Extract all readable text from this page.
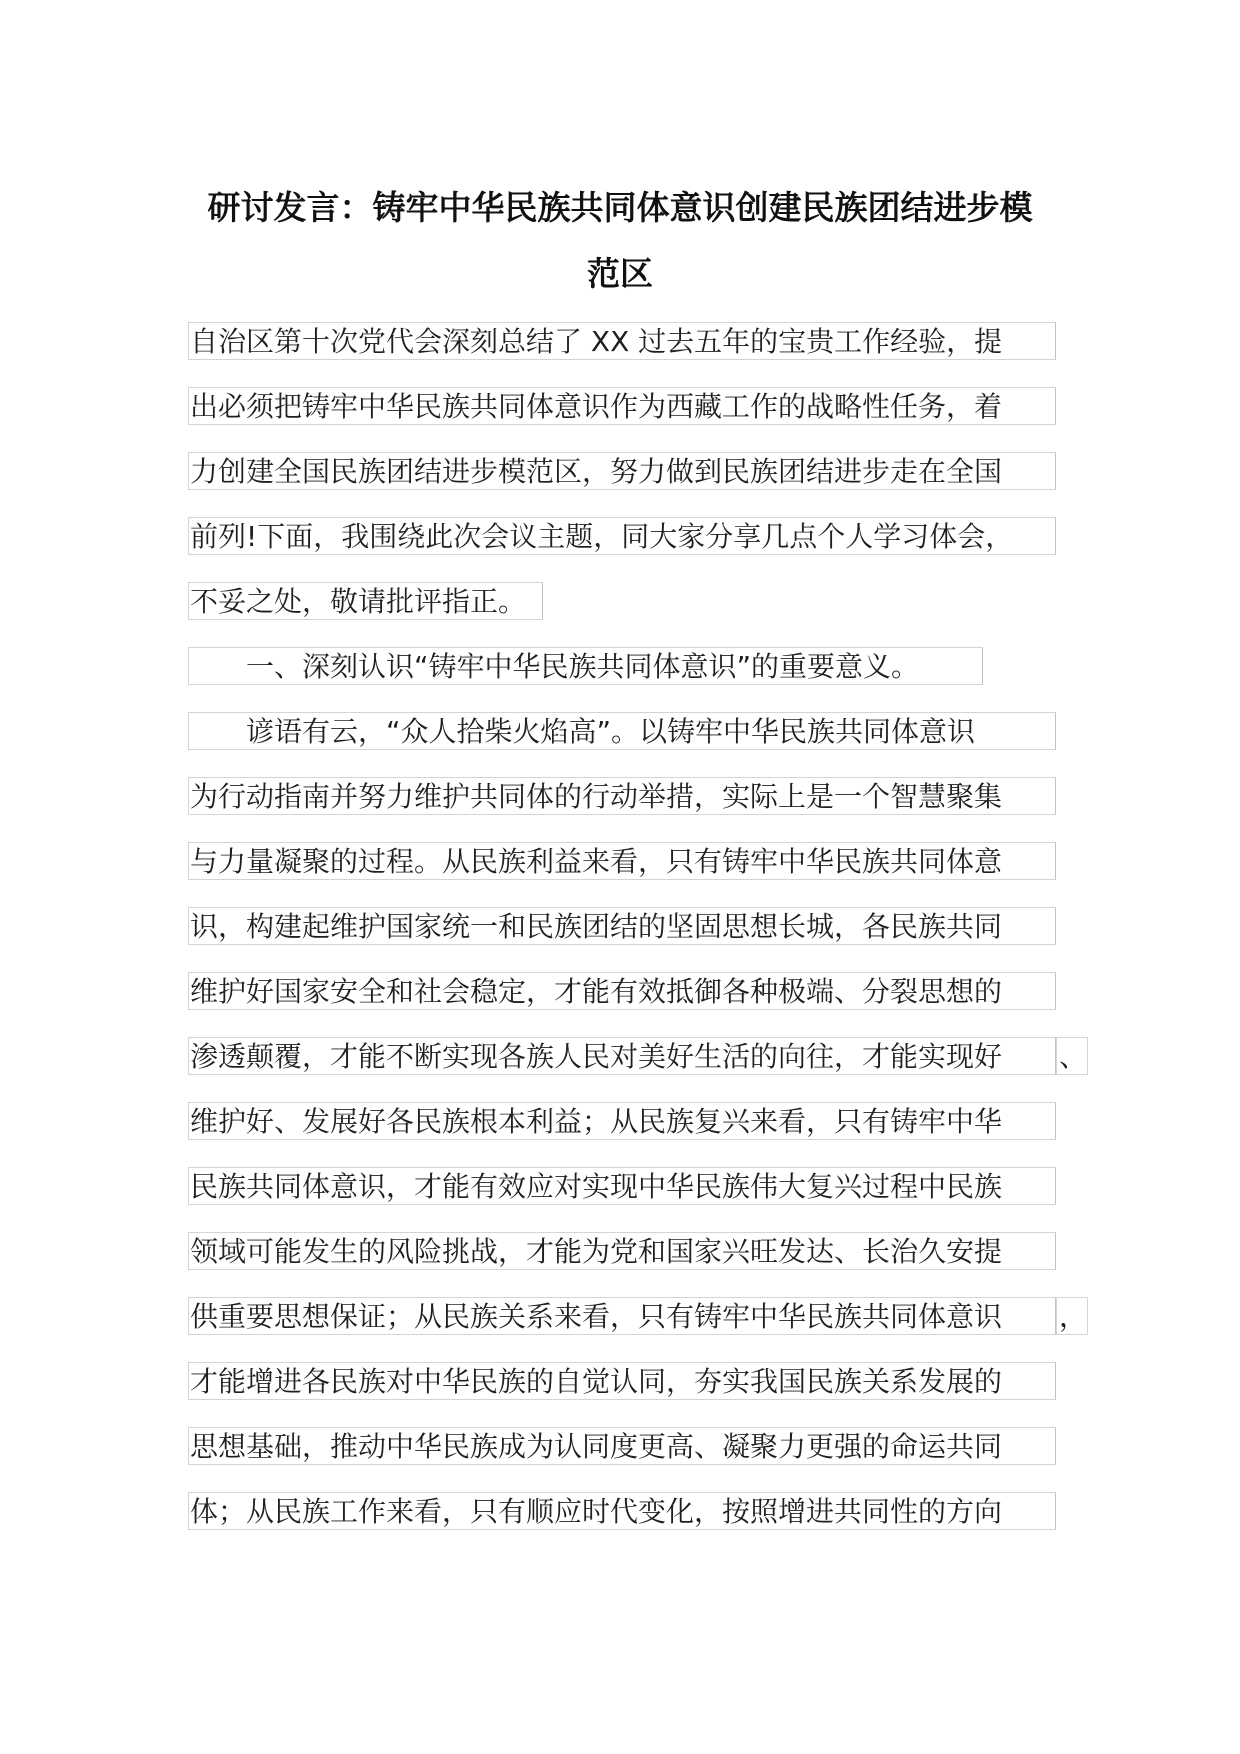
研讨发言：铸牢中华民族共同体意识创建民族团结进步模
范区
自治区第十次党代会深刻总结了 XX 过去五年的宝贵工作经验，提
出必须把铸牢中华民族共同体意识作为西藏工作的战略性任务，着
力创建全国民族团结进步模范区，努力做到民族团结进步走在全国
前列!下面，我围绕此次会议主题，同大家分享几点个人学习体会，
不妥之处，敬请批评指正。
一、深刻认识“铸牢中华民族共同体意识”的重要意义。
谚语有云，“众人拾柴火焰高”。以铸牢中华民族共同体意识
为行动指南并努力维护共同体的行动举措，实际上是一个智慧聚集
与力量凝聚的过程。从民族利益来看，只有铸牢中华民族共同体意
识，构建起维护国家统一和民族团结的坚固思想长城，各民族共同
维护好国家安全和社会稳定，才能有效抵御各种极端、分裂思想的
渗透颠覆，才能不断实现各族人民对美好生活的向往，才能实现好	、
维护好、发展好各民族根本利益；从民族复兴来看，只有铸牢中华
民族共同体意识，才能有效应对实现中华民族伟大复兴过程中民族
领域可能发生的风险挑战，才能为党和国家兴旺发达、长治久安提
供重要思想保证；从民族关系来看，只有铸牢中华民族共同体意识	，
才能增进各民族对中华民族的自觉认同，夯实我国民族关系发展的
思想基础，推动中华民族成为认同度更高、凝聚力更强的命运共同
体；从民族工作来看，只有顺应时代变化，按照增进共同性的方向
